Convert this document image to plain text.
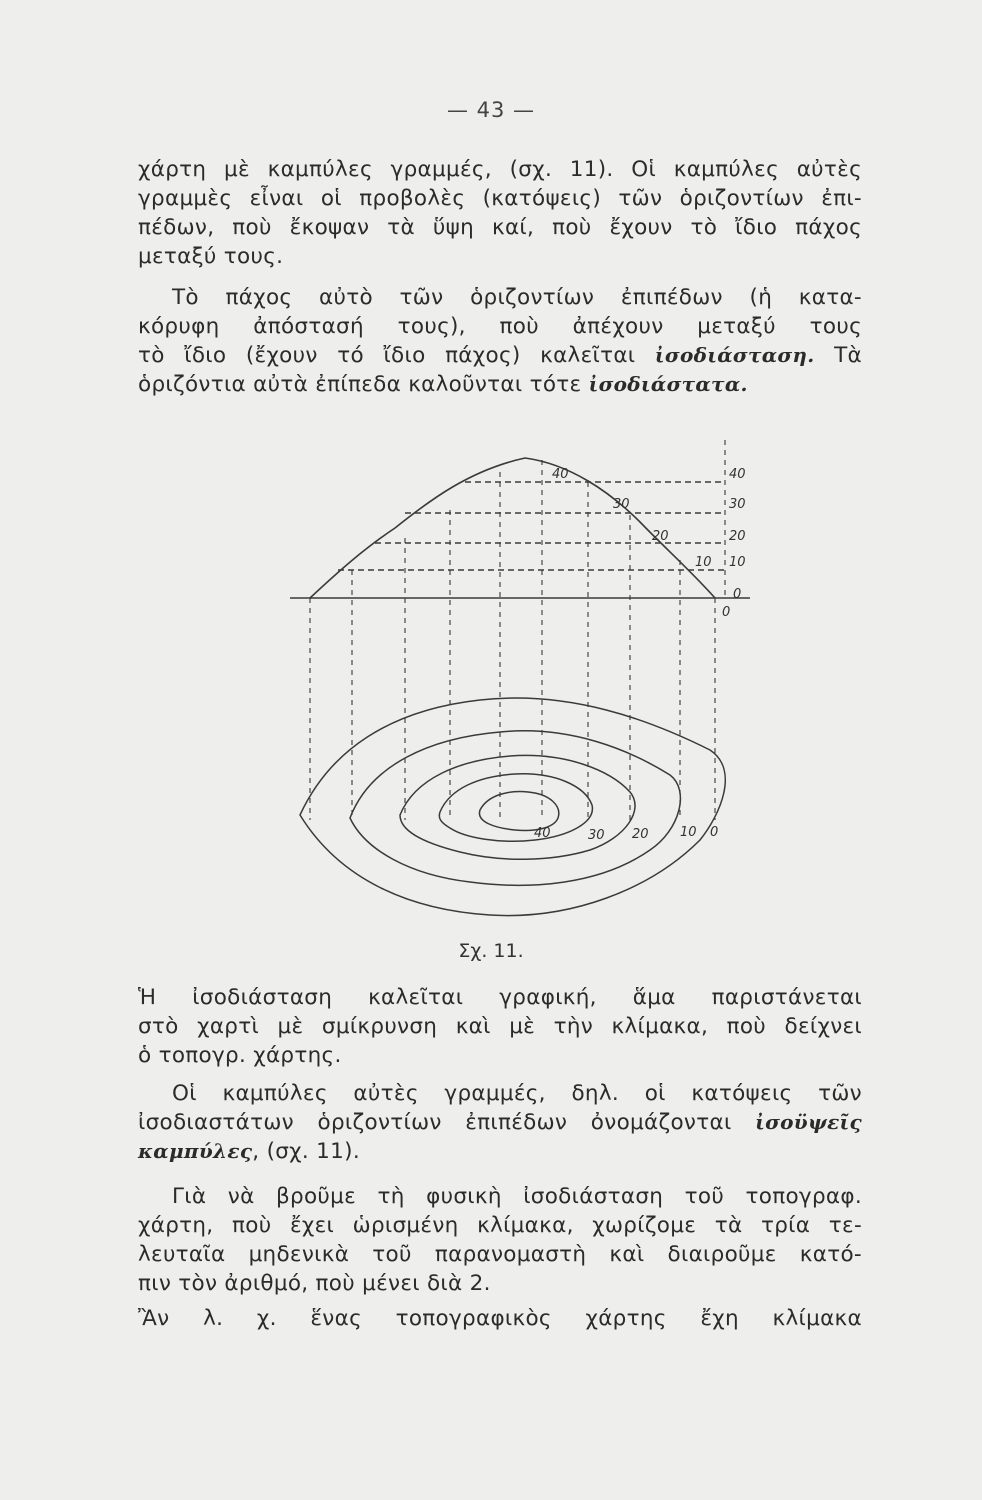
— 43 —
χάρτη μὲ καμπύλες γραμμές, (σχ. 11). Οἱ καμπύλες αὐτὲς
γραμμὲς εἶναι οἱ προβολὲς (κατόψεις) τῶν ὁριζοντίων ἐπι-
πέδων, ποὺ ἔκοψαν τὰ ὕψη καί, ποὺ ἔχουν τὸ ἴδιο πάχος
μεταξύ τους.
Τὸ πάχος αὐτὸ τῶν ὁριζοντίων ἐπιπέδων (ἡ κατα-
κόρυφη ἀπόστασή τους), ποὺ ἀπέχουν μεταξύ τους
τὸ ἴδιο (ἔχουν τό ἴδιο πάχος) καλεῖται ἰσοδιάσταση. Τὰ
ὁριζόντια αὐτὰ ἐπίπεδα καλοῦνται τότε ἰσοδιάστατα.
40
30
20
10
0
40
30
20
10
0
40	30 20 10 0
Σχ. 11.
Ἡ ἰσοδιάσταση καλεῖται γραφική, ἅμα παριστάνεται
στὸ χαρτὶ μὲ σμίκρυνση καὶ μὲ τὴν κλίμακα, ποὺ δείχνει
ὁ τοπογρ. χάρτης.
Οἱ καμπύλες αὐτὲς γραμμές, δηλ. οἱ κατόψεις τῶν
ἰσοδιαστάτων ὁριζοντίων ἐπιπέδων ὀνομάζονται ἰσοϋψεῖς
καμπύλες, (σχ. 11).
Γιὰ νὰ βροῦμε τὴ φυσικὴ ἰσοδιάσταση τοῦ τοπογραφ.
χάρτη, ποὺ ἔχει ὡρισμένη κλίμακα, χωρίζομε τὰ τρία τε-
λευταῖα μηδενικὰ τοῦ παρανομαστὴ καὶ διαιροῦμε κατό-
πιν τὸν ἀριθμό, ποὺ μένει διὰ 2.
Ἂν λ. χ. ἕνας τοπογραφικὸς χάρτης ἔχη κλίμακα
